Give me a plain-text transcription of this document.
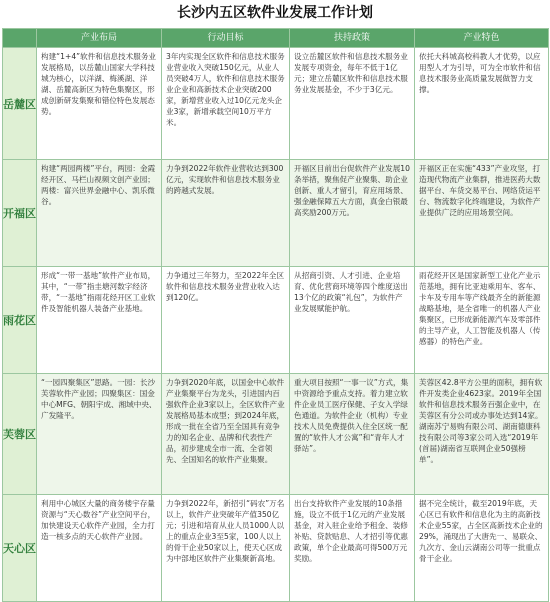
长沙内五区软件业发展工作计划
	产业布局	行动目标	扶持政策	产业特色
岳麓区	构建“1+4”软件和信息技术服务业发展格局，以岳麓山国家大学科技城为核心，以洋湖、梅溪湖、洋湖、岳麓高新区为特色集聚区，形成创新研发集聚和错位特色发展态势。	3年内实现全区软件和信息技术服务业营业收入突破150亿元，从业人员突破4万人，软件和信息技术服务业企业和高新技术企业突破200家，新增营业收入过10亿元龙头企业3家，新增承载空间10万平方米。	设立岳麓区软件和信息技术服务业发展专项资金，每年不低于1亿元；建立岳麓区软件和信息技术服务业发展基金，不少于3亿元。	依托大科城高校科教人才优势，以应用型人才为引导，可为全市软件和信息技术服务业高质量发展做智力支撑。

开福区	构建“两园两楼”平台，两园：金霞经开区、马栏山视频文创产业园；两楼：富兴世界金融中心、凯乐微谷。	力争到2022年软件业营收达到300亿元，实现软件和信息技术服务业的跨越式发展。	开福区目前出台促软件产业发展10条举措，聚焦促产业聚集、助企业创新、重人才留引，育应用场景、强金融保障五大方面，真金白银最高奖励200万元。	开福区正在实施“433”产业攻坚，打造现代物流产业集群，推进医药大数据平台、车货交易平台、网络货运平台、物流数字化终端建设，为软件产业提供广泛的应用场景空间。

雨花区	形成“一带一基地”软件产业布局，其中，“一带”指圭塘河数字经济带，“一基地”指雨花经开区工业软件及智能机器人装备产业基地。	力争通过三年努力，至2022年全区软件和信息技术服务业营业收入达到120亿。	从招商引资、人才引进、企业培育、优化营商环境等四个维度送出13个亿的政策“礼包”，为软件产业发展赋能护航。	雨花经开区是国家新型工业化产业示范基地，拥有比亚迪乘用车、客车、卡车及专用车等产线最齐全的新能源战略基地，是全省唯一的机器人产业集聚区，已形成新能源汽车及零部件的主导产业，人工智能及机器人（传感器）的特色产业。

芙蓉区	“一园四聚集区”思路。一园：长沙芙蓉软件产业园；四聚集区：国金中心MFG、朝阳宇成、湘域中央、广发隆平。	力争到2020年底，以国金中心软件产业集聚平台为龙头，引进国内百强软件企业3家以上，全区软件产业发展格局基本成型；到2024年底，形成一批在全省乃至全国具有竞争力的知名企业、品牌和代表性产品，初步建成全市一流、全省领先、全国知名的软件产业集聚。	重大项目按照“一事一议”方式，集中资源给予重点支持。着力建立软件企业员工医疗保健、子女入学绿色通道。为软件企业（机构）专业技术人员免费提供入住全区统一配置的“软件人才公寓”和“青年人才驿站”。	芙蓉区42.8平方公里的面积，拥有软件开发类企业4623家。2019年全国软件和信息技术服务百强企业中，在芙蓉区有分公司或办事处达到14家。湖南苏宁易购有限公司、湖南德康科技有限公司等3家公司入选“2019年(首届)湖南省互联网企业50强榜单”。

天心区	利用中心城区大量的商务楼宇存量资源与“天心数谷”产业空间平台，加快建设天心软件产业园，全力打造一核多点的天心软件产业园。	力争到2022年，新招引“码农”万名以上，软件产业突破年产值350亿元；引进和培育从业人员1000人以上的重点企业3至5家，100人以上的骨干企业50家以上，使天心区成为中部地区软件产业集聚新高地。	出台支持软件产业发展的10条措施，设立不低于1亿元的产业发展基金，对入驻企业给予租金、装修补贴、贷款贴息、人才招引等优惠政策，单个企业最高可得500万元奖励。	据不完全统计，截至2019年底，天心区已有软件和信息化为主的高新技术企业55家，占全区高新技术企业的29%，涌现出了大唐先一、易联众、九次方、金山云湖南公司等一批重点骨干企业。
